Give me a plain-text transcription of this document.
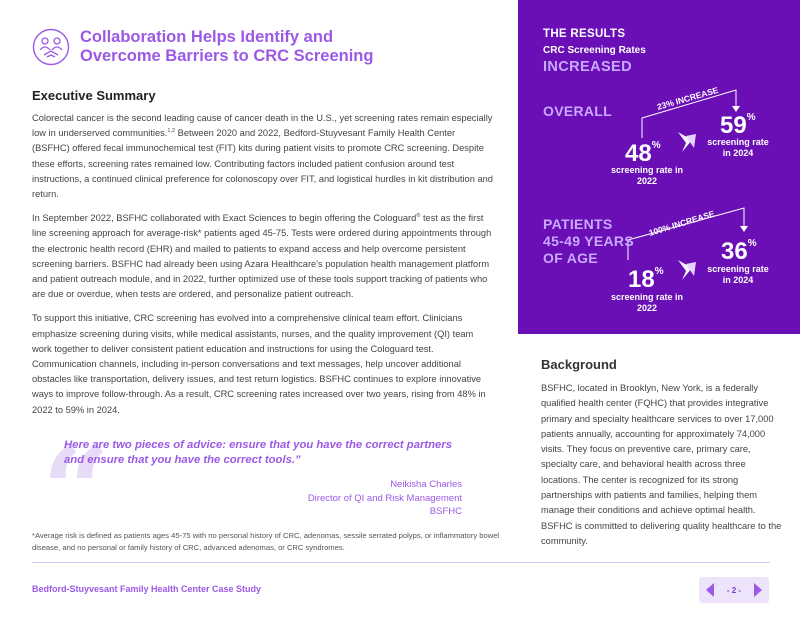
Collaboration Helps Identify and
Overcome Barriers to CRC Screening
Executive Summary

Colorectal cancer is the second leading cause of cancer death in the U.S., yet screening rates remain especially low in underserved communities.$^{1,2}$ Between 2020 and 2022, Bedford-Stuyvesant Family Health Center (BSFHC) offered fecal immunochemical test (FIT) kits during patient visits to promote CRC screening. Despite these efforts, screening rates remained low. Contributing factors included patient confusion around test instructions, a continued clinical preference for colonoscopy over FIT, and logistical hurdles in kit distribution and return.

In September 2022, BSFHC collaborated with Exact Sciences to begin offering the Cologuard® test as the first line screening approach for average-risk* patients aged 45-75. Tests were ordered during appointments through the electronic health record (EHR) and mailed to patients to expand access and help overcome persistent screening barriers. BSFHC had already been using Azara Healthcare's population health management platform and patient outreach module, and in 2022, further optimized use of these tools support tracking of patients who are due or overdue, when tests are ordered, and personalize patient outreach.

To support this initiative, CRC screening has evolved into a comprehensive clinical team effort. Clinicians emphasize screening during visits, while medical assistants, nurses, and the quality improvement (QI) team work together to deliver consistent patient education and instructions for using the Cologuard test. Communication channels, including in-person conversations and text messages, help uncover additional obstacles like transportation, delivery issues, and test return logistics. BSFHC continues to explore innovative ways to improve follow-through. As a result, CRC screening rates increased over two years, rising from 48% in 2022 to 59% in 2024.

“
Here are two pieces of advice: ensure that you have the correct partners and ensure that you have the correct tools.”
Neikisha Charles
Director of QI and Risk Management
BSFHC
*Average risk is defined as patients ages 45-75 with no personal history of CRC, adenomas, sessile serrated polyps, or inflammatory bowel disease, and no personal or family history of CRC, advanced adenomas, or CRC syndromes.
23% INCREASE
100% INCREASE
THE RESULTS
CRC Screening Rates
INCREASED
OVERALL
48%
screening rate in 2022
59%
screening rate in 2024
PATIENTS
45-49 YEARS
OF AGE
18%
screening rate in 2022
36%
screening rate in 2024
Background
BSFHC, located in Brooklyn, New York, is a federally qualified health center (FQHC) that provides integrative primary and specialty healthcare services to over 17,000 patients annually, accounting for approximately 74,000 visits. They focus on preventive care, primary care, specialty care, and behavioral health across three locations. The center is recognized for its strong partnerships with patients and families, helping them manage their conditions and achieve optimal health. BSFHC is committed to delivering quality healthcare to the community.
Bedford-Stuyvesant Family Health Center Case Study	- 2 -
